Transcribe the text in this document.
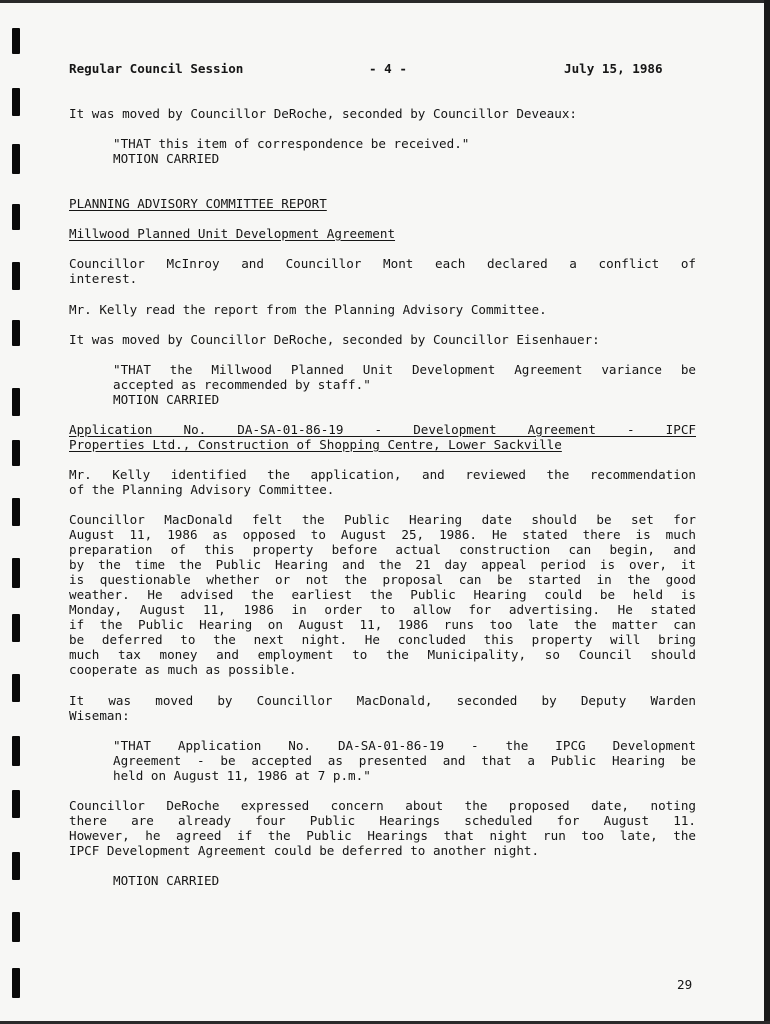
Regular Council Session	- 4 -	July 15, 1986

It was moved by Councillor DeRoche, seconded by Councillor Deveaux:

"THAT this item of correspondence be received."

MOTION CARRIED

PLANNING ADVISORY COMMITTEE REPORT

Millwood Planned Unit Development Agreement

Councillor McInroy and Councillor Mont each declared a conflict of
interest.

Mr. Kelly read the report from the Planning Advisory Committee.

It was moved by Councillor DeRoche, seconded by Councillor Eisenhauer:

"THAT the Millwood Planned Unit Development Agreement variance be
accepted as recommended by staff."

MOTION CARRIED

Application No. DA-SA-01-86-19 - Development Agreement - IPCF
Properties Ltd., Construction of Shopping Centre, Lower Sackville
Mr. Kelly identified the application, and reviewed the recommendation
of the Planning Advisory Committee.
Councillor MacDonald felt the Public Hearing date should be set for
August 11, 1986 as opposed to August 25, 1986. He stated there is much
preparation of this property before actual construction can begin, and
by the time the Public Hearing and the 21 day appeal period is over, it
is questionable whether or not the proposal can be started in the good
weather. He advised the earliest the Public Hearing could be held is
Monday, August 11, 1986 in order to allow for advertising. He stated
if the Public Hearing on August 11, 1986 runs too late the matter can
be deferred to the next night. He concluded this property will bring
much tax money and employment to the Municipality, so Council should
cooperate as much as possible.
It was moved by Councillor MacDonald, seconded by Deputy Warden
Wiseman:
"THAT Application No. DA-SA-01-86-19 - the IPCG Development
Agreement - be accepted as presented and that a Public Hearing be
held on August 11, 1986 at 7 p.m."
Councillor DeRoche expressed concern about the proposed date, noting
there are already four Public Hearings scheduled for August 11.
However, he agreed if the Public Hearings that night run too late, the
IPCF Development Agreement could be deferred to another night.

MOTION CARRIED

29
